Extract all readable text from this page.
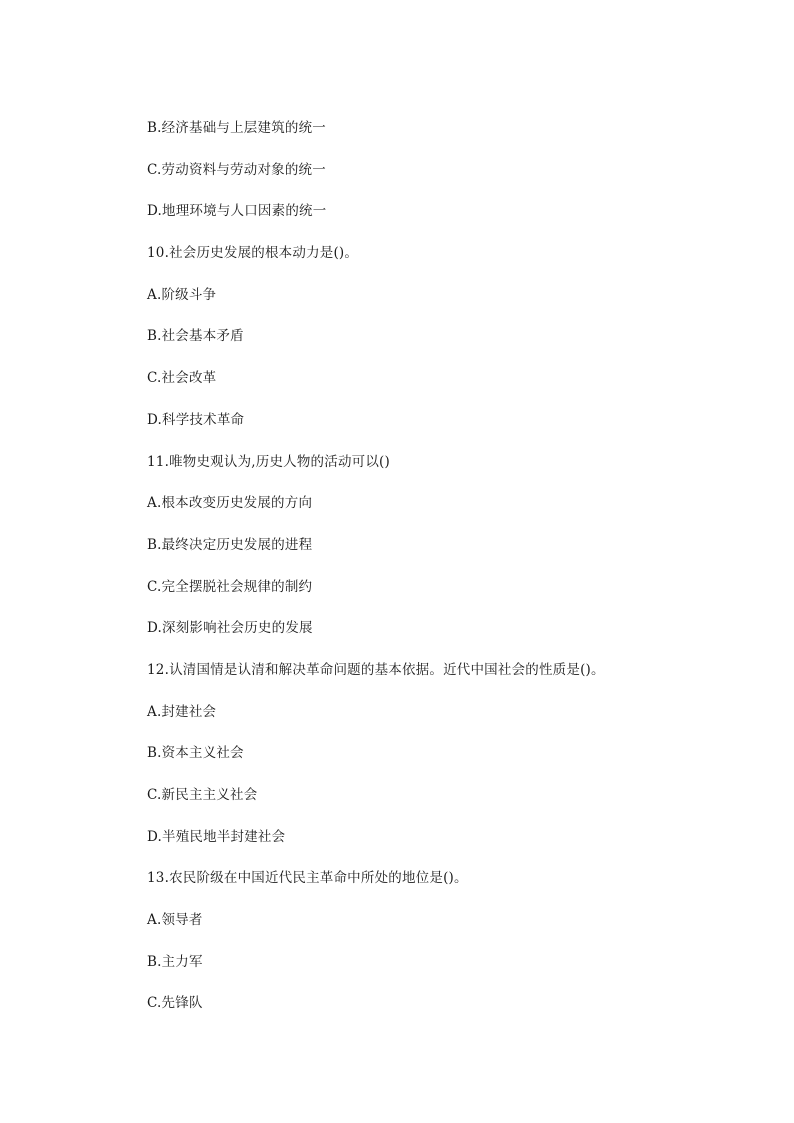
B.经济基础与上层建筑的统一
C.劳动资料与劳动对象的统一
D.地理环境与人口因素的统一
10.社会历史发展的根本动力是()。
A.阶级斗争
B.社会基本矛盾
C.社会改革
D.科学技术革命
11.唯物史观认为,历史人物的活动可以()
A.根本改变历史发展的方向
B.最终决定历史发展的进程
C.完全摆脱社会规律的制约
D.深刻影响社会历史的发展
12.认清国情是认清和解决革命问题的基本依据。近代中国社会的性质是()。
A.封建社会
B.资本主义社会
C.新民主主义社会
D.半殖民地半封建社会
13.农民阶级在中国近代民主革命中所处的地位是()。
A.领导者
B.主力军
C.先锋队
